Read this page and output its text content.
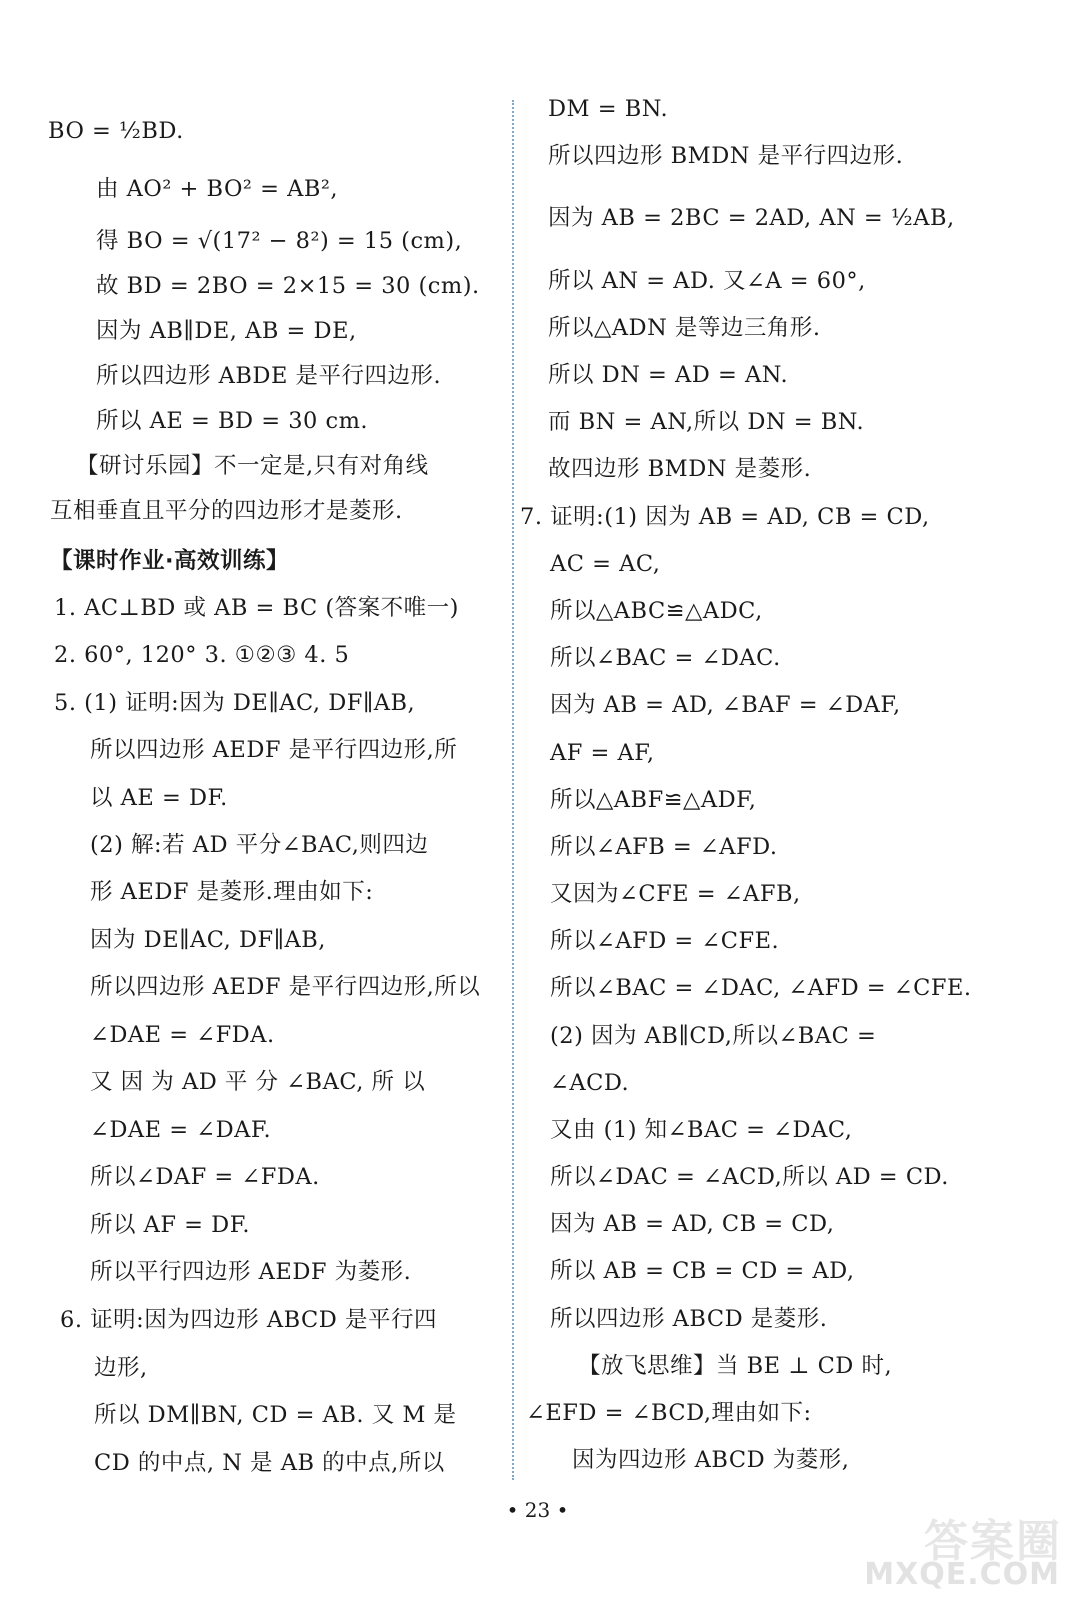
BO = ½BD.
由 AO² + BO² = AB²,
得 BO = √(17² − 8²) = 15 (cm),
故 BD = 2BO = 2×15 = 30 (cm).
因为 AB∥DE, AB = DE,
所以四边形 ABDE 是平行四边形.
所以 AE = BD = 30 cm.
【研讨乐园】不一定是,只有对角线
互相垂直且平分的四边形才是菱形.
【课时作业·高效训练】
1. AC⊥BD 或 AB = BC (答案不唯一)
2. 60°, 120° 3. ①②③ 4. 5
5. (1) 证明:因为 DE∥AC, DF∥AB,
所以四边形 AEDF 是平行四边形,所
以 AE = DF.
(2) 解:若 AD 平分∠BAC,则四边
形 AEDF 是菱形.理由如下:
因为 DE∥AC, DF∥AB,
所以四边形 AEDF 是平行四边形,所以
∠DAE = ∠FDA.
又 因 为 AD 平 分 ∠BAC, 所 以
∠DAE = ∠DAF.
所以∠DAF = ∠FDA.
所以 AF = DF.
所以平行四边形 AEDF 为菱形.
6. 证明:因为四边形 ABCD 是平行四
边形,
所以 DM∥BN, CD = AB. 又 M 是
CD 的中点, N 是 AB 的中点,所以
DM = BN.
所以四边形 BMDN 是平行四边形.
因为 AB = 2BC = 2AD, AN = ½AB,
所以 AN = AD. 又∠A = 60°,
所以△ADN 是等边三角形.
所以 DN = AD = AN.
而 BN = AN,所以 DN = BN.
故四边形 BMDN 是菱形.
7. 证明:(1) 因为 AB = AD, CB = CD,
AC = AC,
所以△ABC≌△ADC,
所以∠BAC = ∠DAC.
因为 AB = AD, ∠BAF = ∠DAF,
AF = AF,
所以△ABF≌△ADF,
所以∠AFB = ∠AFD.
又因为∠CFE = ∠AFB,
所以∠AFD = ∠CFE.
所以∠BAC = ∠DAC, ∠AFD = ∠CFE.
(2) 因为 AB∥CD,所以∠BAC =
∠ACD.
又由 (1) 知∠BAC = ∠DAC,
所以∠DAC = ∠ACD,所以 AD = CD.
因为 AB = AD, CB = CD,
所以 AB = CB = CD = AD,
所以四边形 ABCD 是菱形.
【放飞思维】当 BE ⊥ CD 时,
∠EFD = ∠BCD,理由如下:
因为四边形 ABCD 为菱形,
• 23 •
答案圈
MXQE.COM
